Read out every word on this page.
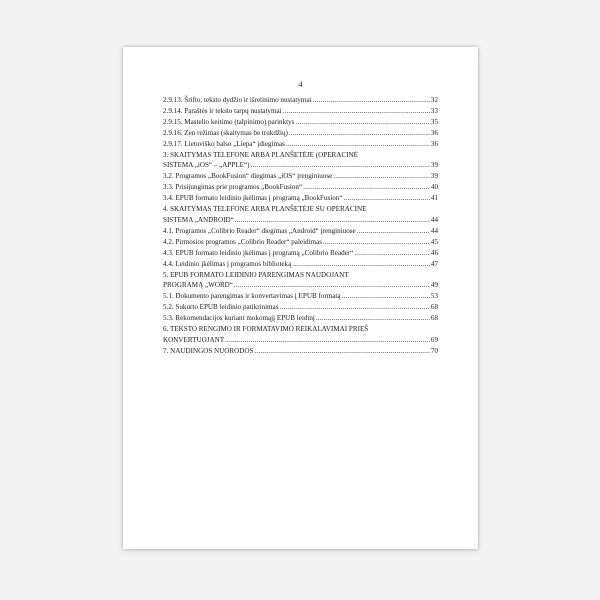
4
2.9.13. Šrifto, teksto dydžio ir išretinimo nustatymai .....	32
2.9.14. Paraštės ir teksto tarpų nustatymai .....	33
2.9.15. Mastelio keitimo (talpinimo) parinktys .....	35
2.9.16. Zen režimas (skaitymas be trukdžių) .....	36
2.9.17. Lietuviško balso „Liepa“ įdiegimas .....	36
3. SKAITYMAS TELEFONE ARBA PLANŠETĖJE (OPERACINĖ
SISTEMA „iOS“ – „APPLE“) .....	39
3.2. Programos „BookFusion“ diegimas „iOS“ įrenginiuose .....	39
3.3. Prisijungimas prie programos „BookFusion“ .....	40
3.4. EPUB formato leidinio įkėlimas į programą „BookFusion“ .....	41
4. SKAITYMAS TELEFONE ARBA PLANŠETĖJE SU OPERACINE
SISTEMA „ANDROID“ .....	44
4.1. Programos „Colibrio Reader“ diegimas „Android“ įrenginiuose .....	44
4.2. Pirmosios programos „Colibrio Reader“ paleidimas .....	45
4.3. EPUB formato leidinio įkėlimas į programą „Colibrio Reader“ .....	46
4.4. Leidinio įkėlimas į programos biblioteką .....	47
5. EPUB FORMATO LEIDINIO PARENGIMAS NAUDOJANT
PROGRAMĄ „WORD“ .....	49
5.1. Dokumento parengimas ir konvertavimas į EPUB formatą .....	53
5.2. Sukurto EPUB leidinio patikrinimas .....	68
5.3. Rekomendacijos kuriant mokomąjį EPUB leidinį .....	68
6. TEKSTO RENGIMO IR FORMATAVIMO REIKALAVIMAI PRIEŠ
KONVERTUOJANT .....	69
7. NAUDINGOS NUORODOS .....	70
